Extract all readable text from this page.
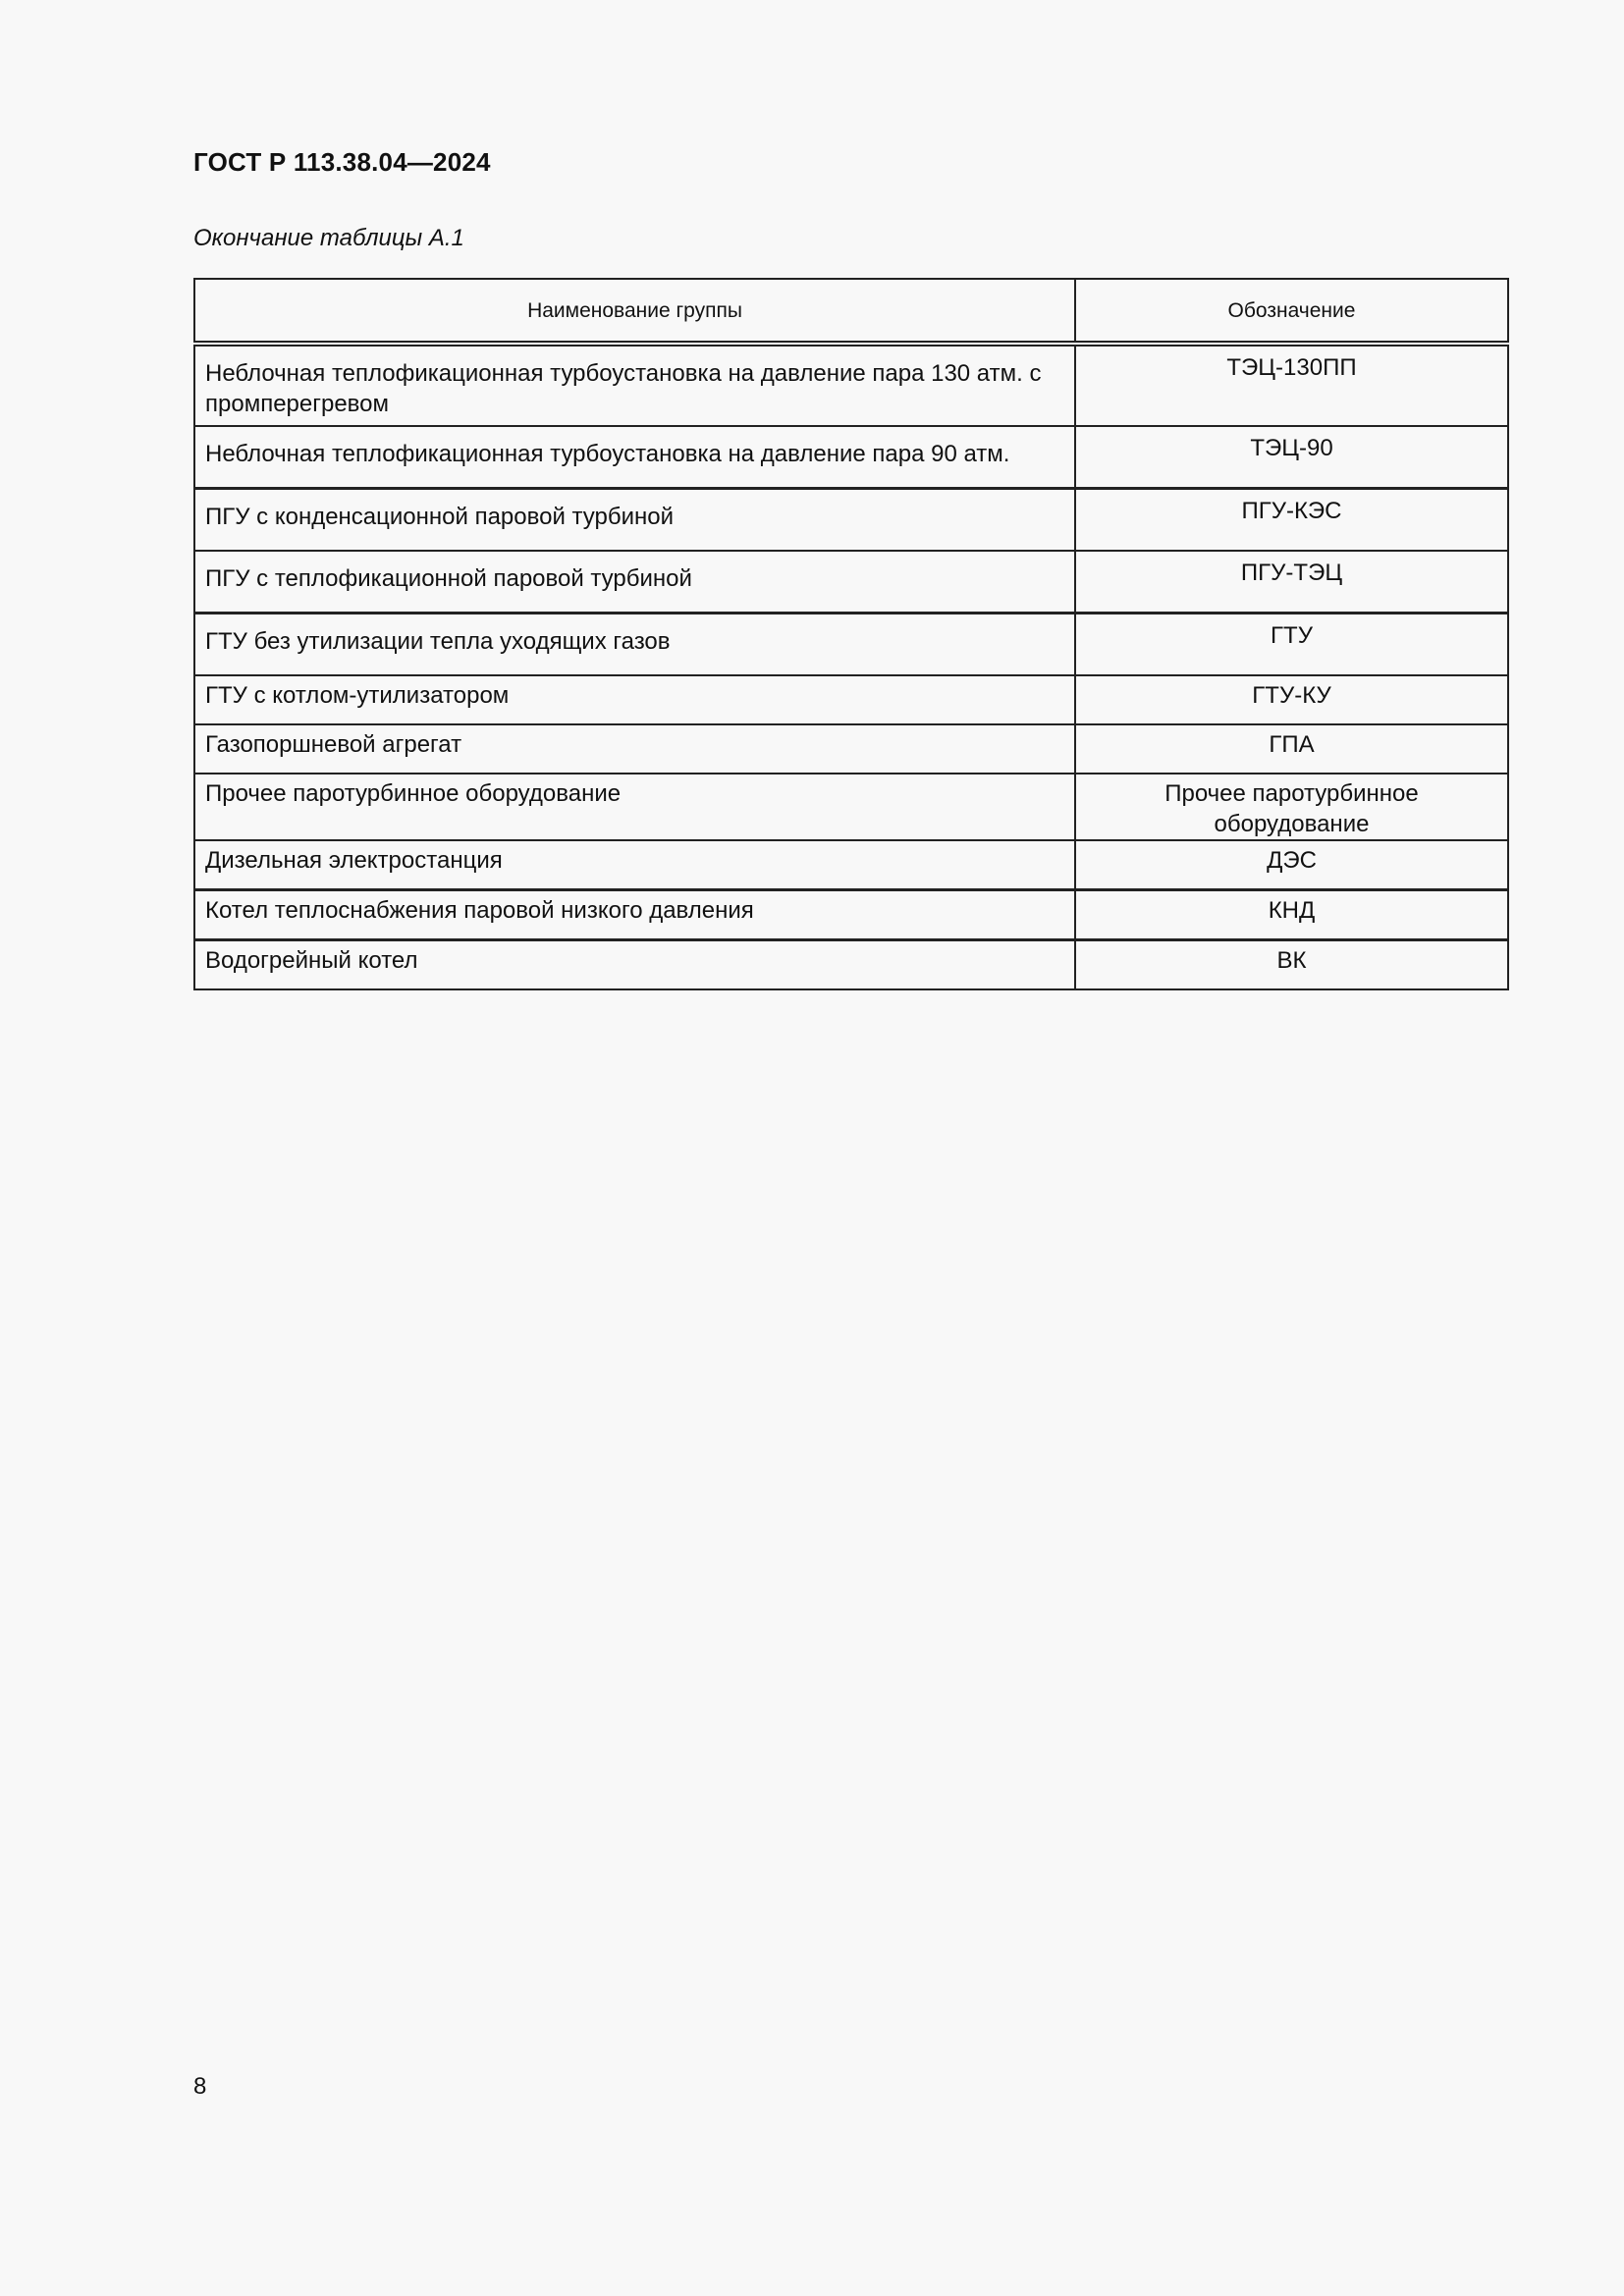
ГОСТ Р 113.38.04—2024
Окончание таблицы А.1
Наименование группы	Обозначение
Неблочная теплофикационная турбоустановка на давление пара 130 атм. с промперегревом	ТЭЦ-130ПП
Неблочная теплофикационная турбоустановка на давление пара 90 атм.	ТЭЦ-90
ПГУ с конденсационной паровой турбиной	ПГУ-КЭС
ПГУ с теплофикационной паровой турбиной	ПГУ-ТЭЦ
ГТУ без утилизации тепла уходящих газов	ГТУ
ГТУ с котлом-утилизатором	ГТУ-КУ
Газопоршневой агрегат	ГПА
Прочее паротурбинное оборудование	Прочее паротурбинное оборудование
Дизельная электростанция	ДЭС
Котел теплоснабжения паровой низкого давления	КНД
Водогрейный котел	ВК
8
